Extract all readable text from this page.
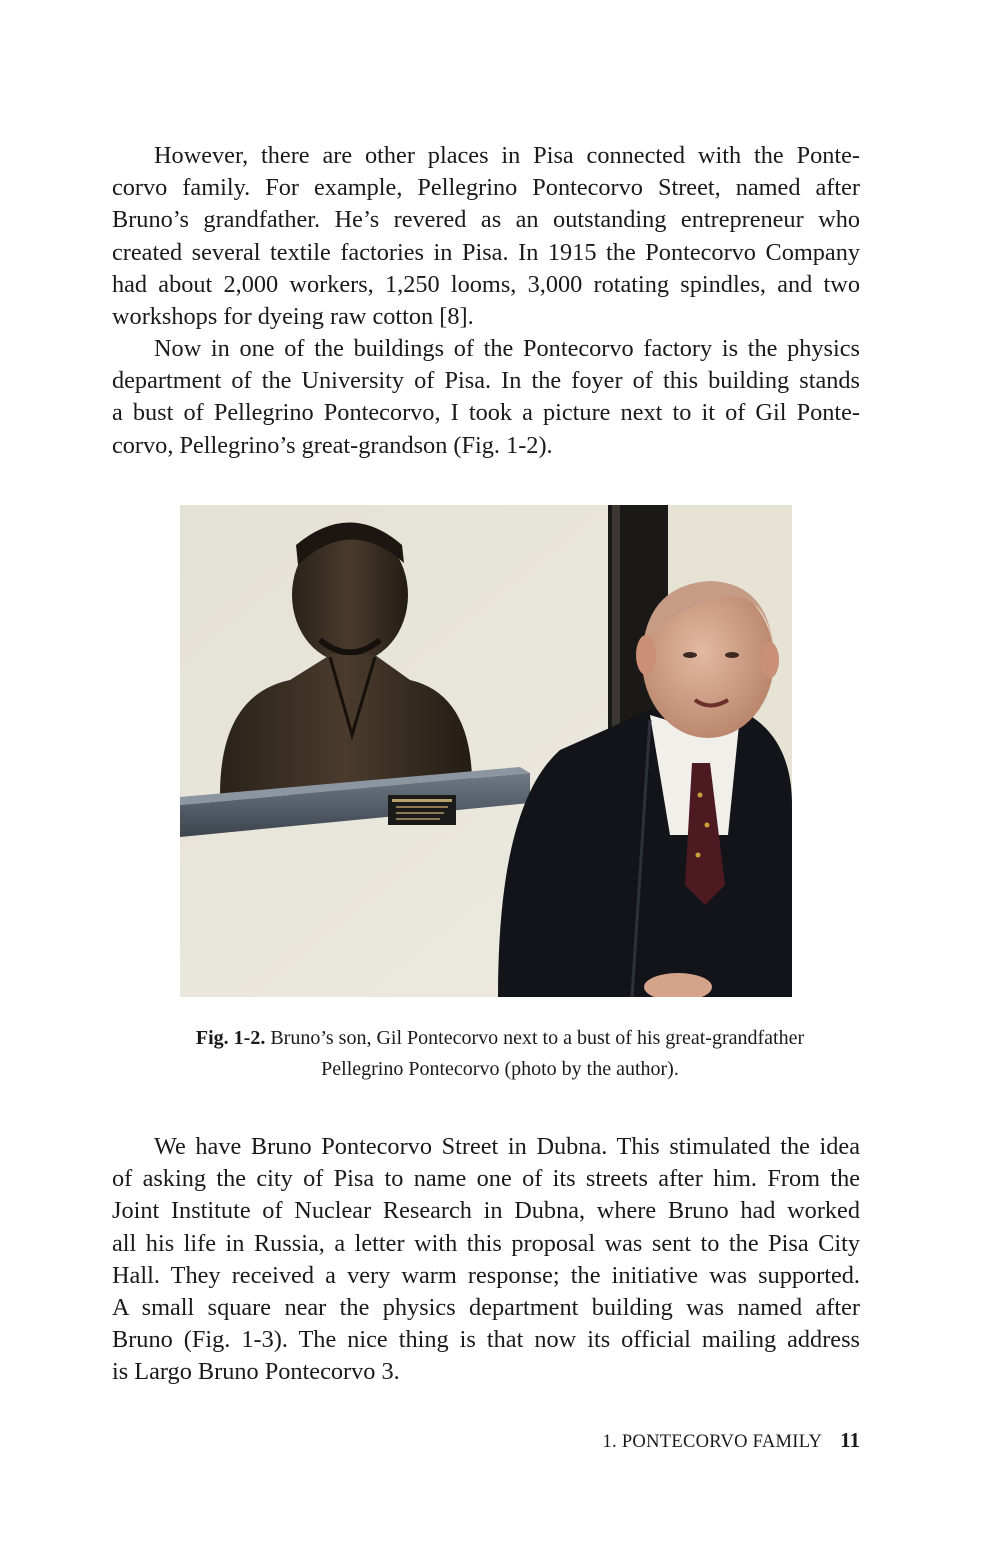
However, there are other places in Pisa connected with the Ponte-
corvo family. For example, Pellegrino Pontecorvo Street, named after
Bruno’s grandfather. He’s revered as an outstanding entrepreneur who
created several textile factories in Pisa. In 1915 the Pontecorvo Company
had about 2,000 workers, 1,250 looms, 3,000 rotating spindles, and two
workshops for dyeing raw cotton [8].
Now in one of the buildings of the Pontecorvo factory is the physics
department of the University of Pisa. In the foyer of this building stands
a bust of Pellegrino Pontecorvo, I took a picture next to it of Gil Ponte-
corvo, Pellegrino’s great-grandson (Fig. 1-2).
Fig. 1-2. Bruno’s son, Gil Pontecorvo next to a bust of his great-grandfather
Pellegrino Pontecorvo (photo by the author).
We have Bruno Pontecorvo Street in Dubna. This stimulated the idea
of asking the city of Pisa to name one of its streets after him. From the
Joint Institute of Nuclear Research in Dubna, where Bruno had worked
all his life in Russia, a letter with this proposal was sent to the Pisa City
Hall. They received a very warm response; the initiative was supported.
A small square near the physics department building was named after
Bruno (Fig. 1-3). The nice thing is that now its official mailing address
is Largo Bruno Pontecorvo 3.
1. PONTECORVO FAMILY 11
